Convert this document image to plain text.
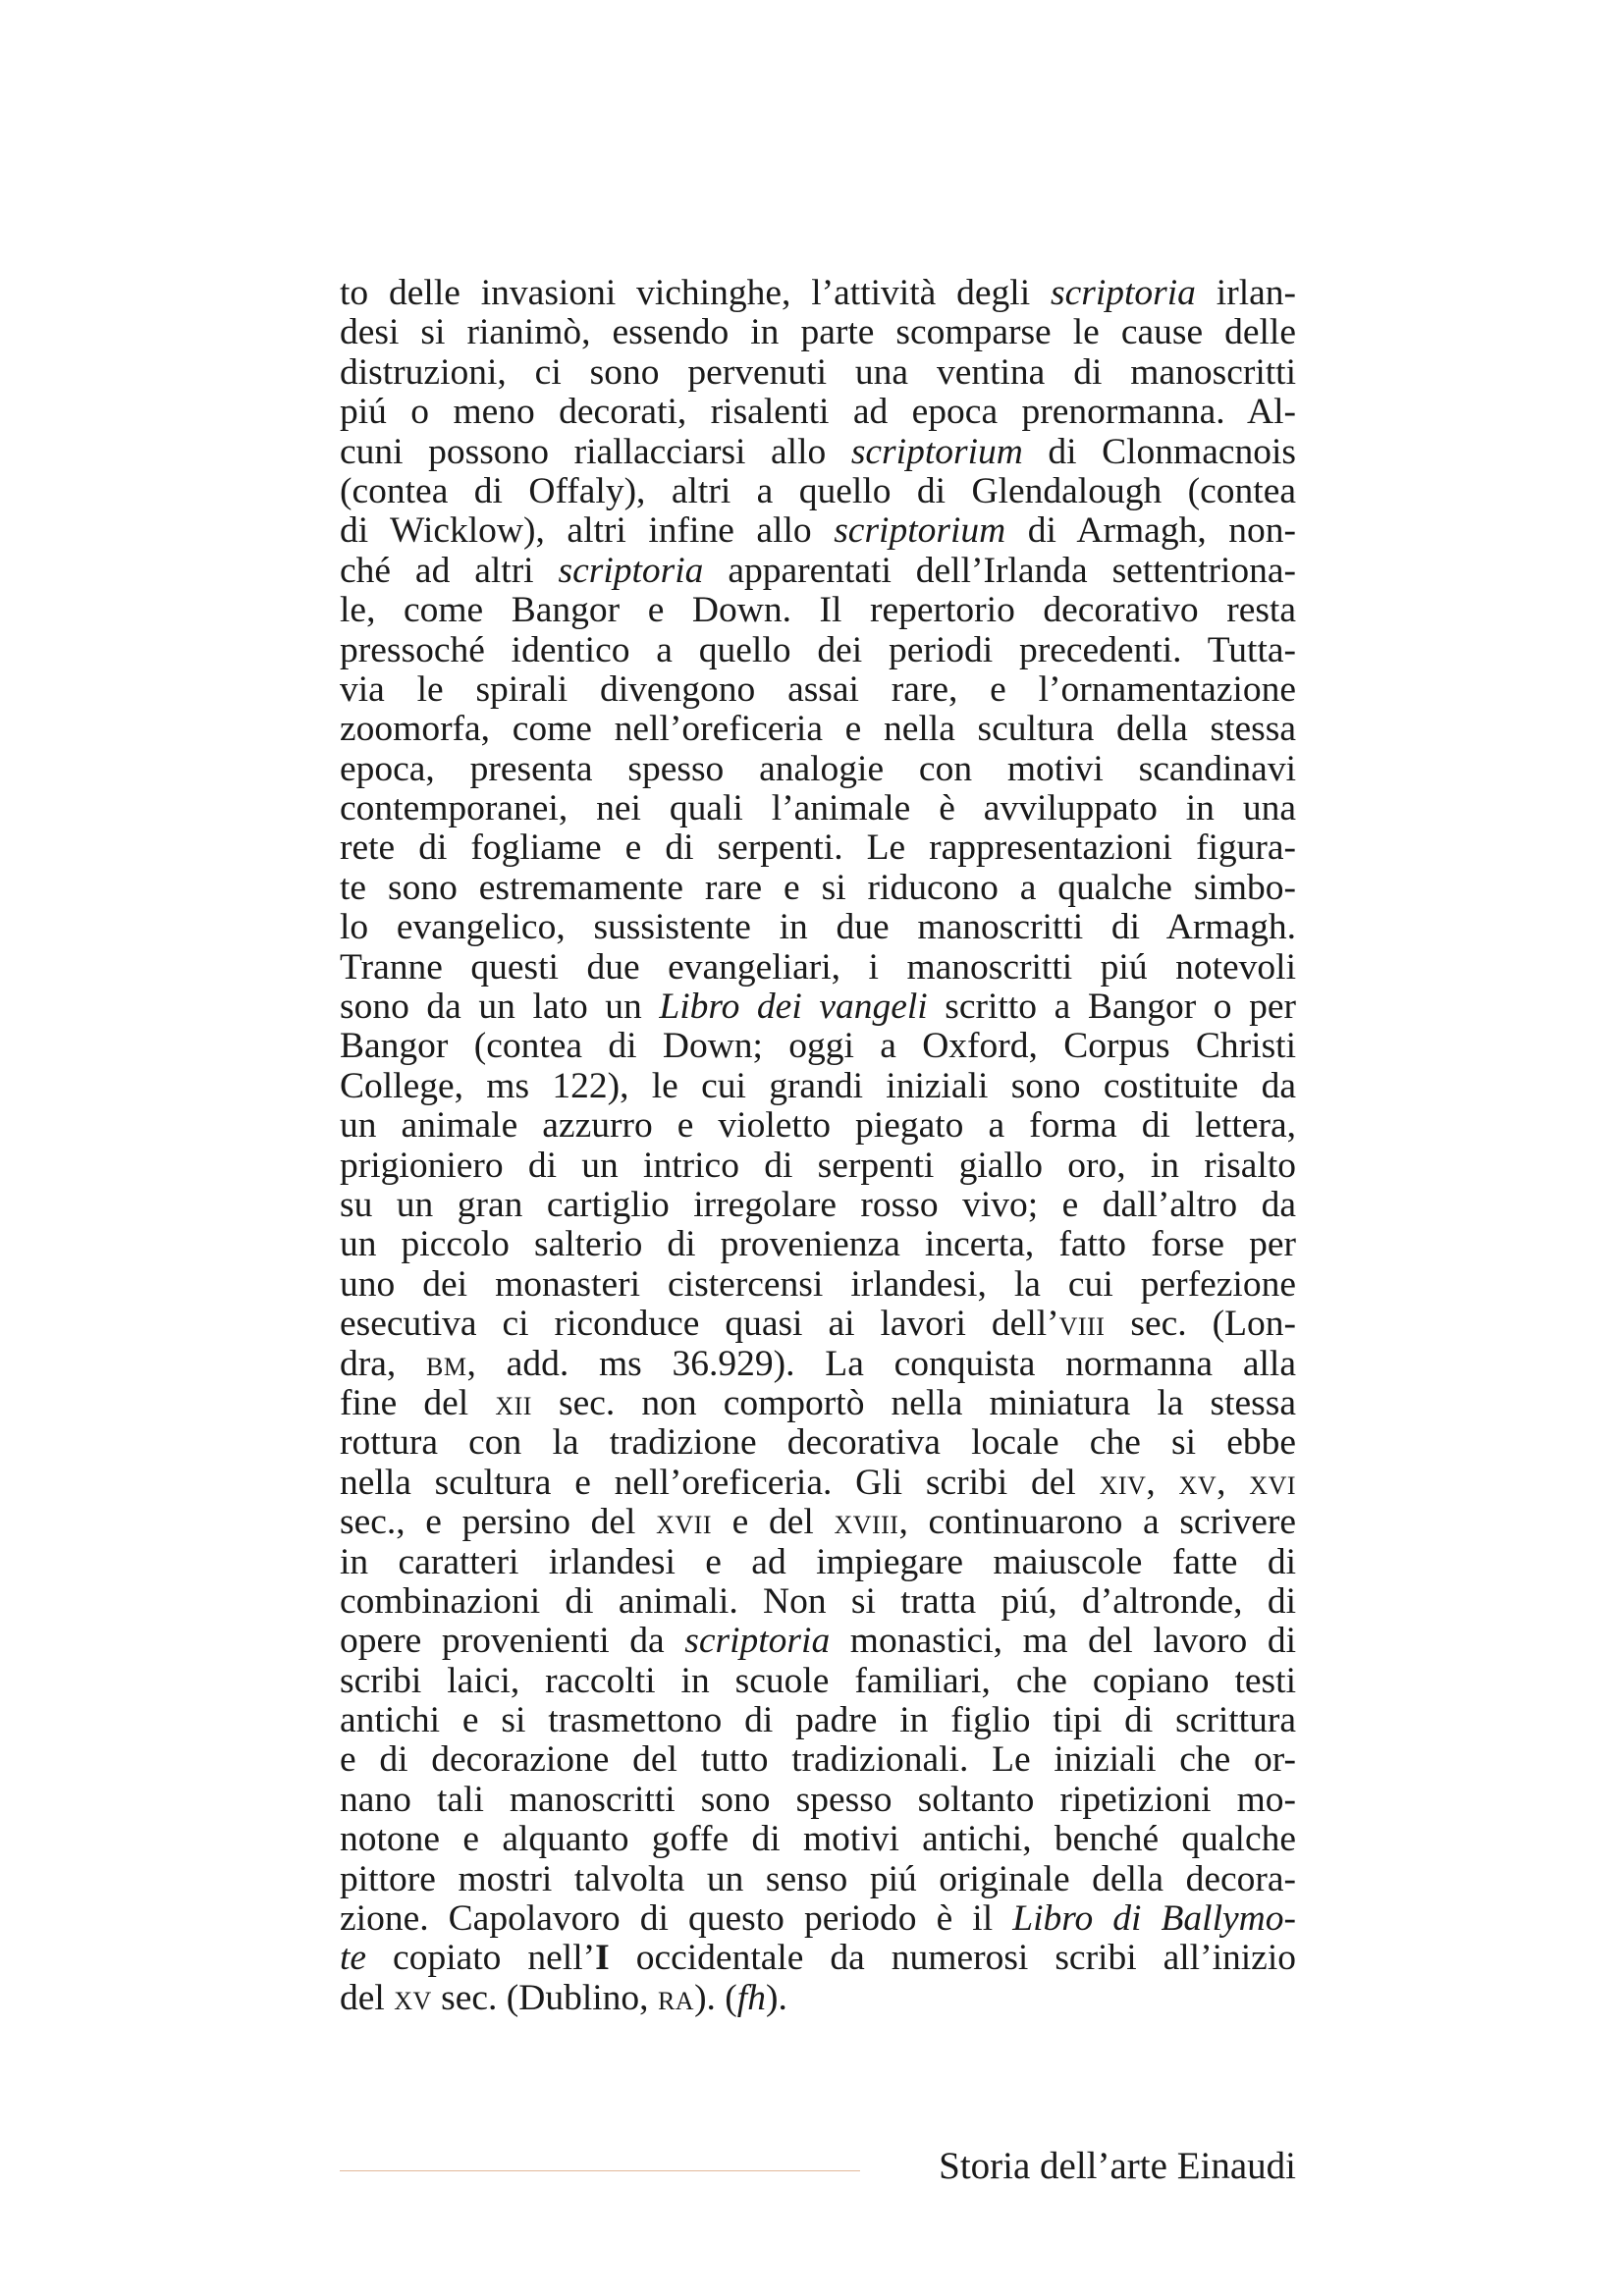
to delle invasioni vichinghe, l’attività degli scriptoria irlan-
desi si rianimò, essendo in parte scomparse le cause delle
distruzioni, ci sono pervenuti una ventina di manoscritti
piú o meno decorati, risalenti ad epoca prenormanna. Al-
cuni possono riallacciarsi allo scriptorium di Clonmacnois
(contea di Offaly), altri a quello di Glendalough (contea
di Wicklow), altri infine allo scriptorium di Armagh, non-
ché ad altri scriptoria apparentati dell’Irlanda settentriona-
le, come Bangor e Down. Il repertorio decorativo resta
pressoché identico a quello dei periodi precedenti. Tutta-
via le spirali divengono assai rare, e l’ornamentazione
zoomorfa, come nell’oreficeria e nella scultura della stessa
epoca, presenta spesso analogie con motivi scandinavi
contemporanei, nei quali l’animale è avviluppato in una
rete di fogliame e di serpenti. Le rappresentazioni figura-
te sono estremamente rare e si riducono a qualche simbo-
lo evangelico, sussistente in due manoscritti di Armagh.
Tranne questi due evangeliari, i manoscritti piú notevoli
sono da un lato un Libro dei vangeli scritto a Bangor o per
Bangor (contea di Down; oggi a Oxford, Corpus Christi
College, ms 122), le cui grandi iniziali sono costituite da
un animale azzurro e violetto piegato a forma di lettera,
prigioniero di un intrico di serpenti giallo oro, in risalto
su un gran cartiglio irregolare rosso vivo; e dall’altro da
un piccolo salterio di provenienza incerta, fatto forse per
uno dei monasteri cistercensi irlandesi, la cui perfezione
esecutiva ci riconduce quasi ai lavori dell’viii sec. (Lon-
dra, bm, add. ms 36.929). La conquista normanna alla
fine del xii sec. non comportò nella miniatura la stessa
rottura con la tradizione decorativa locale che si ebbe
nella scultura e nell’oreficeria. Gli scribi del xiv, xv, xvi
sec., e persino del xvii e del xviii, continuarono a scrivere
in caratteri irlandesi e ad impiegare maiuscole fatte di
combinazioni di animali. Non si tratta piú, d’altronde, di
opere provenienti da scriptoria monastici, ma del lavoro di
scribi laici, raccolti in scuole familiari, che copiano testi
antichi e si trasmettono di padre in figlio tipi di scrittura
e di decorazione del tutto tradizionali. Le iniziali che or-
nano tali manoscritti sono spesso soltanto ripetizioni mo-
notone e alquanto goffe di motivi antichi, benché qualche
pittore mostri talvolta un senso piú originale della decora-
zione. Capolavoro di questo periodo è il Libro di Ballymo-
te copiato nell’I occidentale da numerosi scribi all’inizio
del xv sec. (Dublino, ra). (fh).
Storia dell’arte Einaudi
